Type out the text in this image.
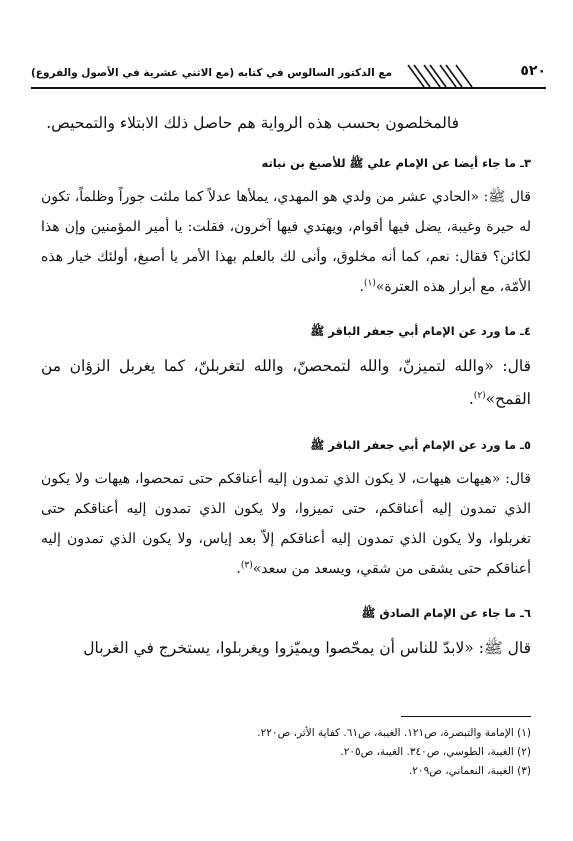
٥٢٠
مع الدكتور السالوس في كتابه (مع الاثني عشرية في الأصول والفروع)

فالمخلصون بحسب هذه الرواية هم حاصل ذلك الابتلاء والتمحيص.

٣ـ ما جاء أيضا عن الإمام علي ﷺ للأصبغ بن نباته

قال ﷺ: «الحادي عشر من ولدي هو المهدي، يملأها عدلاً كما ملئت جوراً وظلماً، تكون له حيرة وغيبة، يضل فيها أقوام، ويهتدي فيها آخرون، فقلت: يا أمير المؤمنين وإن هذا لكائن؟ فقال: نعم، كما أنه مخلوق، وأنى لك بالعلم بهذا الأمر يا أصبغ، أولئك خيار هذه الأمّة، مع أبرار هذه العترة»$^{(١)}$.

٤ـ ما ورد عن الإمام أبي جعفر الباقر ﷺ

قال: «والله لتميزنّ، والله لتمحصنّ، والله لتغربلنّ، كما يغربل الزؤان من القمح»$^{(٢)}$.

٥ـ ما ورد عن الإمام أبي جعفر الباقر ﷺ

قال: «هيهات هيهات، لا يكون الذي تمدون إليه أعناقكم حتى تمحصوا، هيهات ولا يكون الذي تمدون إليه أعناقكم، حتى تميزوا، ولا يكون الذي تمدون إليه أعناقكم حتى تغربلوا، ولا يكون الذي تمدون إليه أعناقكم إلاّ بعد إياس، ولا يكون الذي تمدون إليه أعناقكم حتى يشقى من شقي، ويسعد من سعد»$^{(٣)}$.

٦ـ ما جاء عن الإمام الصادق ﷺ

قال ﷺ: «لابدّ للناس أن يمحّصوا ويميّزوا ويغربلوا، يستخرج في الغربال

(١) الإمامة والتبصرة، ص١٢١. الغيبة، ص٦١. كفاية الأثر، ص٢٢٠.

(٢) الغيبة، الطوسي، ص٣٤٠. الغيبة، ص٢٠٥.

(٣) الغيبة، النعماني، ص٢٠٩.
